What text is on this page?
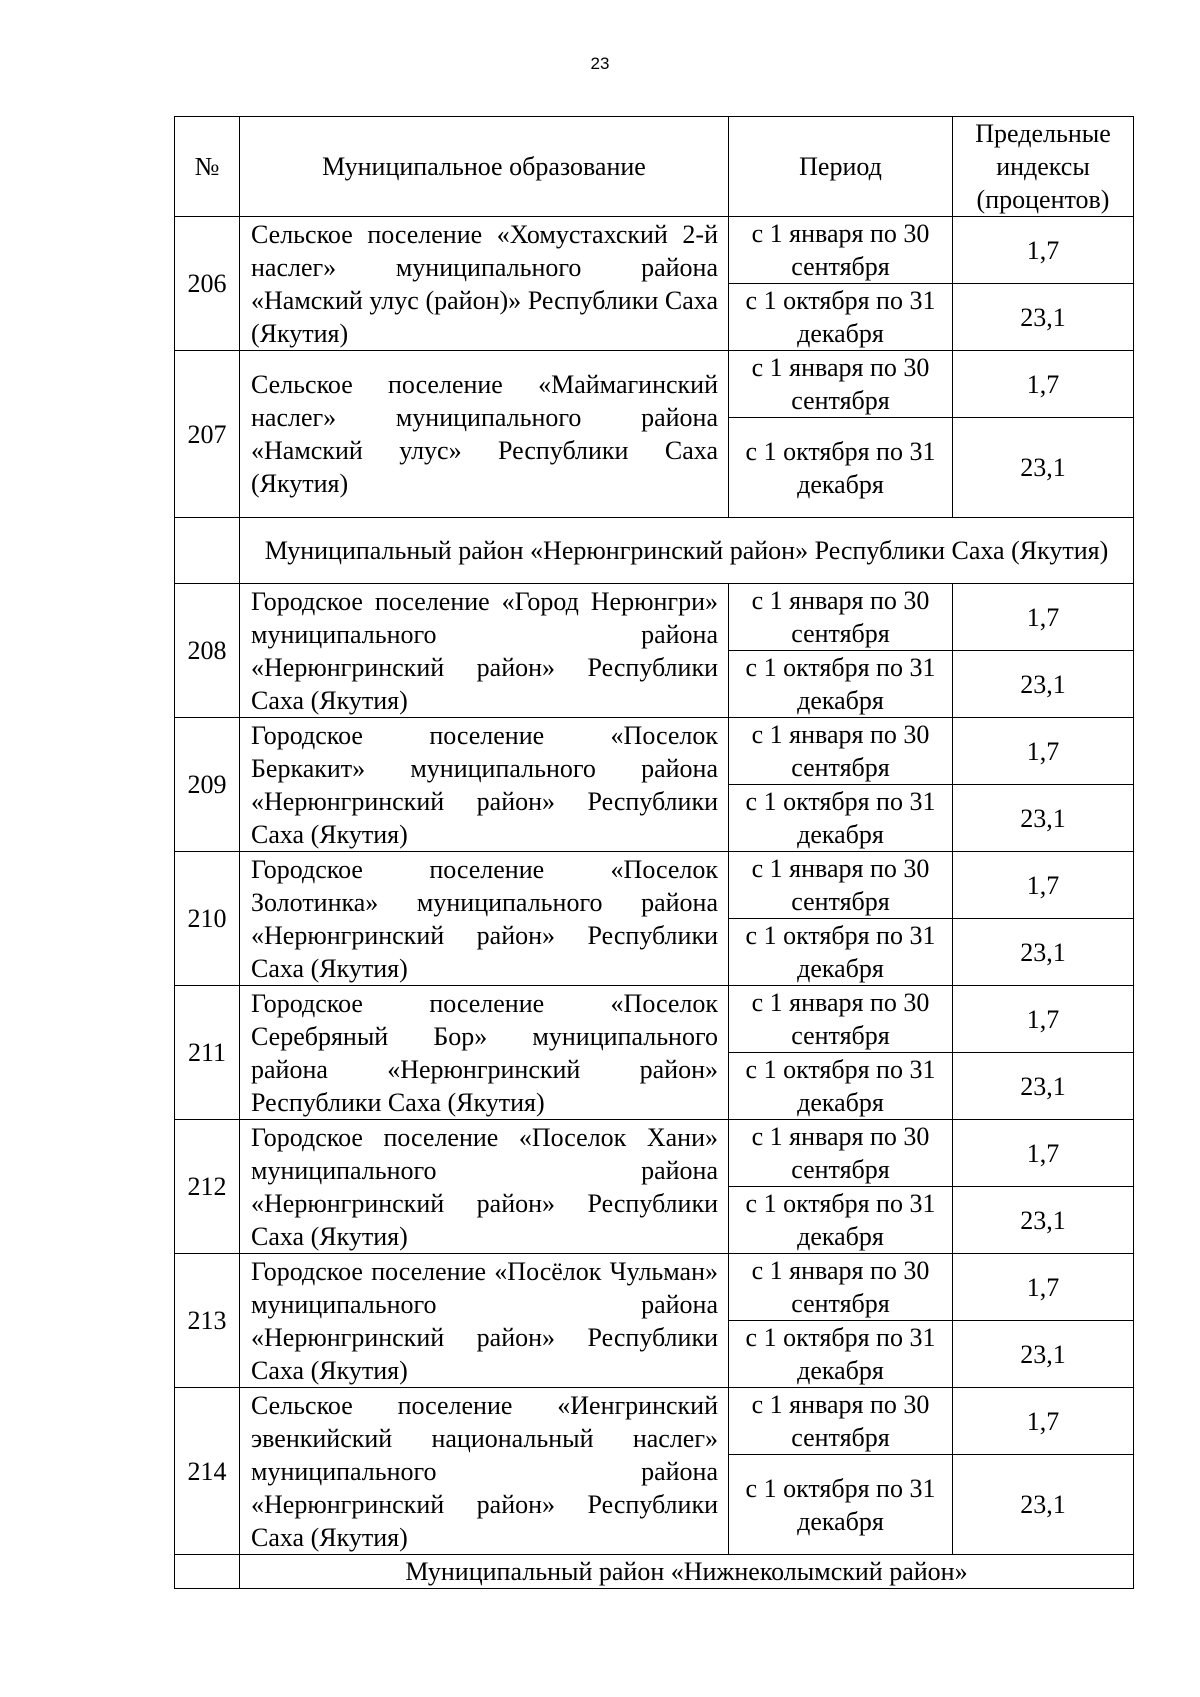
23
№	Муниципальное образование	Период	Предельные индексы (процентов)
206	Сельское поселение «Хомустахский 2-й наслег» муниципального района «Намский улус (район)» Республики Саха (Якутия)	с 1 января по 30 сентября	1,7
		с 1 октября по 31 декабря	23,1
207	Сельское поселение «Маймагинский наслег» муниципального района «Намский улус» Республики Саха (Якутия)	с 1 января по 30 сентября	1,7
		с 1 октября по 31 декабря	23,1
	Муниципальный район «Нерюнгринский район» Республики Саха (Якутия)		
208	Городское поселение «Город Нерюнгри» муниципального района «Нерюнгринский район» Республики Саха (Якутия)	с 1 января по 30 сентября	1,7
		с 1 октября по 31 декабря	23,1
209	Городское поселение «Поселок Беркакит» муниципального района «Нерюнгринский район» Республики Саха (Якутия)	с 1 января по 30 сентября	1,7
		с 1 октября по 31 декабря	23,1
210	Городское поселение «Поселок Золотинка» муниципального района «Нерюнгринский район» Республики Саха (Якутия)	с 1 января по 30 сентября	1,7
		с 1 октября по 31 декабря	23,1
211	Городское поселение «Поселок Серебряный Бор» муниципального района «Нерюнгринский район» Республики Саха (Якутия)	с 1 января по 30 сентября	1,7
		с 1 октября по 31 декабря	23,1
212	Городское поселение «Поселок Хани» муниципального района «Нерюнгринский район» Республики Саха (Якутия)	с 1 января по 30 сентября	1,7
		с 1 октября по 31 декабря	23,1
213	Городское поселение «Посёлок Чульман» муниципального района «Нерюнгринский район» Республики Саха (Якутия)	с 1 января по 30 сентября	1,7
		с 1 октября по 31 декабря	23,1
214	Сельское поселение «Иенгринский эвенкийский национальный наслег» муниципального района «Нерюнгринский район» Республики Саха (Якутия)	с 1 января по 30 сентября	1,7
		с 1 октября по 31 декабря	23,1
	Муниципальный район «Нижнеколымский район»		
